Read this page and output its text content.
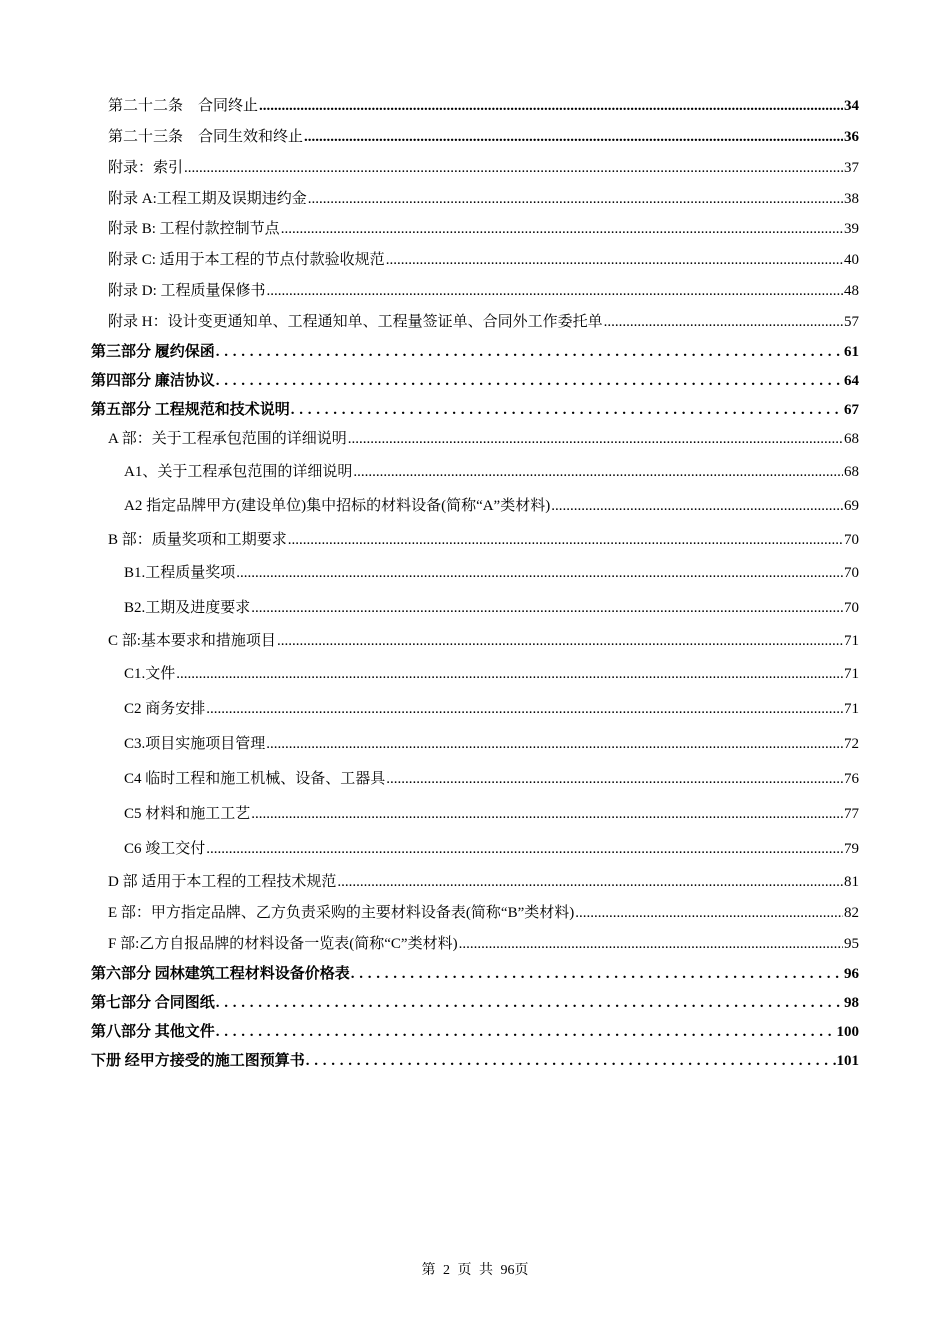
第二十二条　合同终止 .....	34
第二十三条　合同生效和终止 .....	36
附录：索引 .....	37
附录 A:工程工期及误期违约金 .....	38
附录 B: 工程付款控制节点 .....	39
附录 C: 适用于本工程的节点付款验收规范 .....	40
附录 D: 工程质量保修书 .....	48
附录 H：设计变更通知单、工程通知单、工程量签证单、合同外工作委托单 .....	57
第三部分 履约保函 . . .	61
第四部分 廉洁协议 . . .	64
第五部分 工程规范和技术说明 . . .	67
A 部：关于工程承包范围的详细说明 .....	68
A1、关于工程承包范围的详细说明 .....	68
A2 指定品牌甲方(建设单位)集中招标的材料设备(简称“A”类材料) .....	69
B 部：质量奖项和工期要求 .....	70
B1.工程质量奖项 .....	70
B2.工期及进度要求 .....	70
C 部:基本要求和措施项目 .....	71
C1.文件 .....	71
C2 商务安排 .....	71
C3.项目实施项目管理 .....	72
C4 临时工程和施工机械、设备、工器具 .....	76
C5 材料和施工工艺 .....	77
C6 竣工交付 .....	79
D 部 适用于本工程的工程技术规范 .....	81
E 部：甲方指定品牌、乙方负责采购的主要材料设备表(简称“B”类材料) .....	82
F 部:乙方自报品牌的材料设备一览表(简称“C”类材料) .....	95
第六部分 园林建筑工程材料设备价格表 . . .	96
第七部分 合同图纸 . . .	98
第八部分 其他文件 . . .	100
下册 经甲方接受的施工图预算书 . . .	101
第 2 页 共 96页
